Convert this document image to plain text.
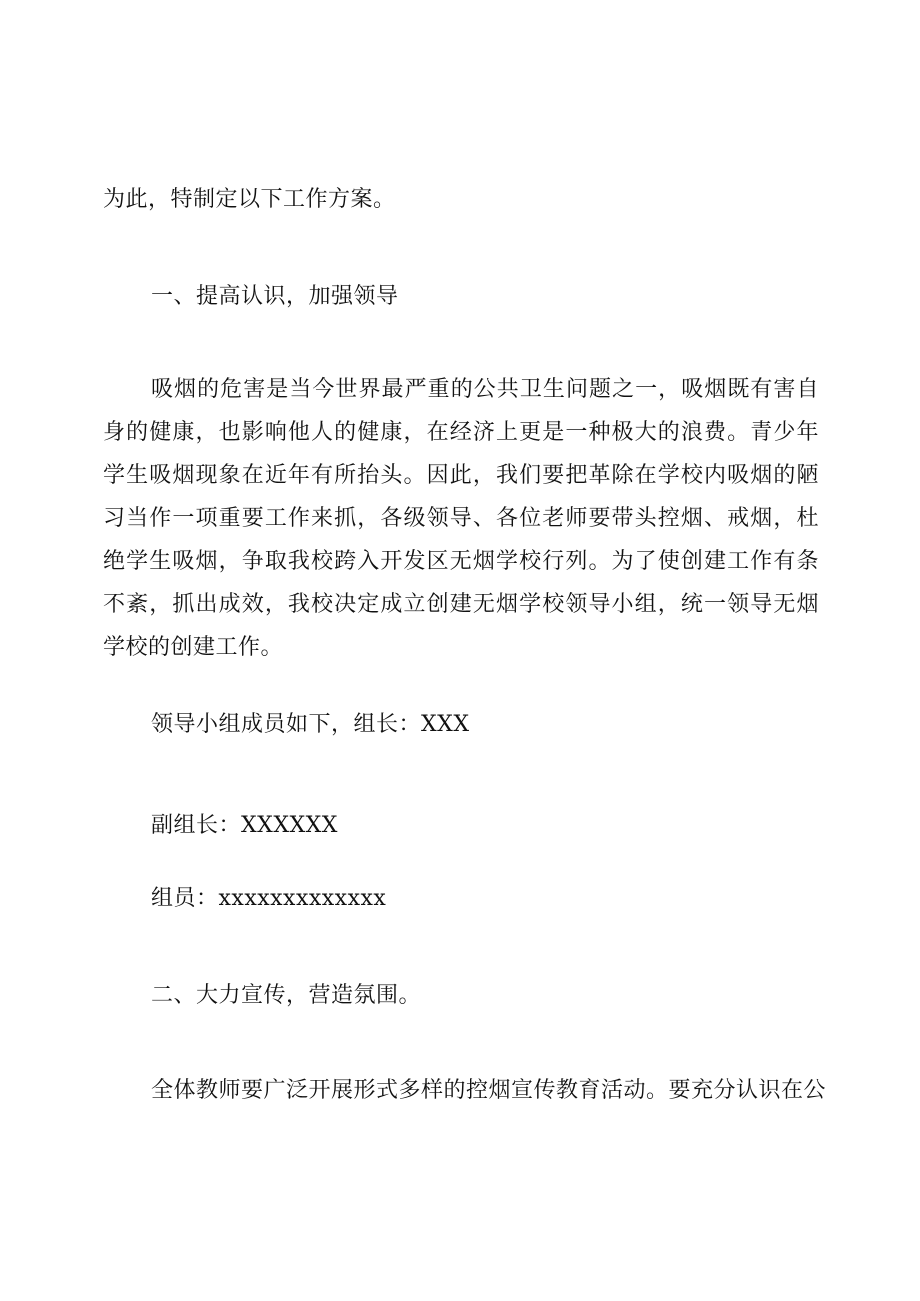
为此，特制定以下工作方案。
一、提高认识，加强领导
吸烟的危害是当今世界最严重的公共卫生问题之一，吸烟既有害自身的健康，也影响他人的健康，在经济上更是一种极大的浪费。青少年学生吸烟现象在近年有所抬头。因此，我们要把革除在学校内吸烟的陋习当作一项重要工作来抓，各级领导、各位老师要带头控烟、戒烟，杜绝学生吸烟，争取我校跨入开发区无烟学校行列。为了使创建工作有条不紊，抓出成效，我校决定成立创建无烟学校领导小组，统一领导无烟学校的创建工作。
领导小组成员如下，组长：XXX
副组长：XXXXXX
组员：xxxxxxxxxxxxx
二、大力宣传，营造氛围。
全体教师要广泛开展形式多样的控烟宣传教育活动。要充分认识在公
